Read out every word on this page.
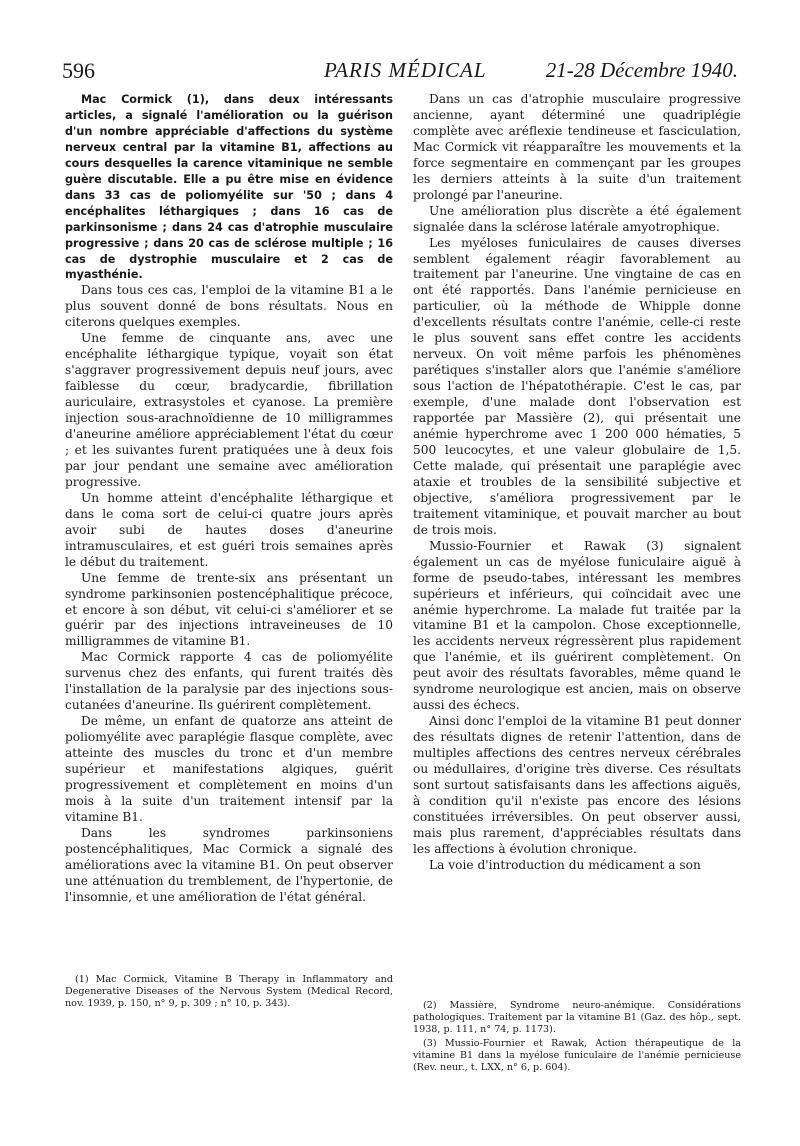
596	PARIS MÉDICAL	21-28 Décembre 1940.

Mac Cormick (1), dans deux intéressants articles, a signalé l'amélioration ou la guérison d'un nombre appréciable d'affections du système nerveux central par la vitamine B1, affections au cours desquelles la carence vitaminique ne semble guère discutable. Elle a pu être mise en évidence dans 33 cas de poliomyélite sur '50 ; dans 4 encéphalites léthargiques ; dans 16 cas de parkinsonisme ; dans 24 cas d'atrophie musculaire progressive ; dans 20 cas de sclérose multiple ; 16 cas de dystrophie musculaire et 2 cas de myasthénie.

Dans tous ces cas, l'emploi de la vitamine B1 a le plus souvent donné de bons résultats. Nous en citerons quelques exemples.

Une femme de cinquante ans, avec une encéphalite léthargique typique, voyait son état s'aggraver progressivement depuis neuf jours, avec faiblesse du cœur, bradycardie, fibrillation auriculaire, extrasystoles et cyanose. La première injection sous-arachnoïdienne de 10 milligrammes d'aneurine améliore appréciablement l'état du cœur ; et les suivantes furent pratiquées une à deux fois par jour pendant une semaine avec amélioration progressive.

Un homme atteint d'encéphalite léthargique et dans le coma sort de celui-ci quatre jours après avoir subi de hautes doses d'aneurine intramusculaires, et est guéri trois semaines après le début du traitement.

Une femme de trente-six ans présentant un syndrome parkinsonien postencéphalitique précoce, et encore à son début, vit celui-ci s'améliorer et se guérir par des injections intraveineuses de 10 milligrammes de vitamine B1.

Mac Cormick rapporte 4 cas de poliomyélite survenus chez des enfants, qui furent traités dès l'installation de la paralysie par des injections sous-cutanées d'aneurine. Ils guérirent complètement.

De même, un enfant de quatorze ans atteint de poliomyélite avec paraplégie flasque complète, avec atteinte des muscles du tronc et d'un membre supérieur et manifestations algiques, guérit progressivement et complètement en moins d'un mois à la suite d'un traitement intensif par la vitamine B1.

Dans les syndromes parkinsoniens postencéphalitiques, Mac Cormick a signalé des améliorations avec la vitamine B1. On peut observer une atténuation du tremblement, de l'hypertonie, de l'insomnie, et une amélioration de l'état général.

Dans un cas d'atrophie musculaire progressive ancienne, ayant déterminé une quadriplégie complète avec aréflexie tendineuse et fasciculation, Mac Cormick vit réapparaître les mouvements et la force segmentaire en commençant par les groupes les derniers atteints à la suite d'un traitement prolongé par l'aneurine.

Une amélioration plus discrète a été également signalée dans la sclérose latérale amyotrophique.

Les myéloses funiculaires de causes diverses semblent également réagir favorablement au traitement par l'aneurine. Une vingtaine de cas en ont été rapportés. Dans l'anémie pernicieuse en particulier, où la méthode de Whipple donne d'excellents résultats contre l'anémie, celle-ci reste le plus souvent sans effet contre les accidents nerveux. On voit même parfois les phénomènes parétiques s'installer alors que l'anémie s'améliore sous l'action de l'hépatothérapie. C'est le cas, par exemple, d'une malade dont l'observation est rapportée par Massière (2), qui présentait une anémie hyperchrome avec 1 200 000 hématies, 5 500 leucocytes, et une valeur globulaire de 1,5. Cette malade, qui présentait une paraplégie avec ataxie et troubles de la sensibilité subjective et objective, s'améliora progressivement par le traitement vitaminique, et pouvait marcher au bout de trois mois.

Mussio-Fournier et Rawak (3) signalent également un cas de myélose funiculaire aiguë à forme de pseudo-tabes, intéressant les membres supérieurs et inférieurs, qui coïncidait avec une anémie hyperchrome. La malade fut traitée par la vitamine B1 et la campolon. Chose exceptionnelle, les accidents nerveux régressèrent plus rapidement que l'anémie, et ils guérirent complètement. On peut avoir des résultats favorables, même quand le syndrome neurologique est ancien, mais on observe aussi des échecs.

Ainsi donc l'emploi de la vitamine B1 peut donner des résultats dignes de retenir l'attention, dans de multiples affections des centres nerveux cérébrales ou médullaires, d'origine très diverse. Ces résultats sont surtout satisfaisants dans les affections aiguës, à condition qu'il n'existe pas encore des lésions constituées irréversibles. On peut observer aussi, mais plus rarement, d'appréciables résultats dans les affections à évolution chronique.

La voie d'introduction du médicament a son

(1) Mac Cormick, Vitamine B Therapy in Inflammatory and Degenerative Diseases of the Nervous System (Medical Record, nov. 1939, p. 150, n° 9, p. 309 ; n° 10, p. 343).	(2) Massière, Syndrome neuro-anémique. Considérations pathologiques. Traitement par la vitamine B1 (Gaz. des hôp., sept. 1938, p. 111, n° 74, p. 1173).

(3) Mussio-Fournier et Rawak, Action thérapeutique de la vitamine B1 dans la myélose funiculaire de l'anémie pernicieuse (Rev. neur., t. LXX, n° 6, p. 604).
